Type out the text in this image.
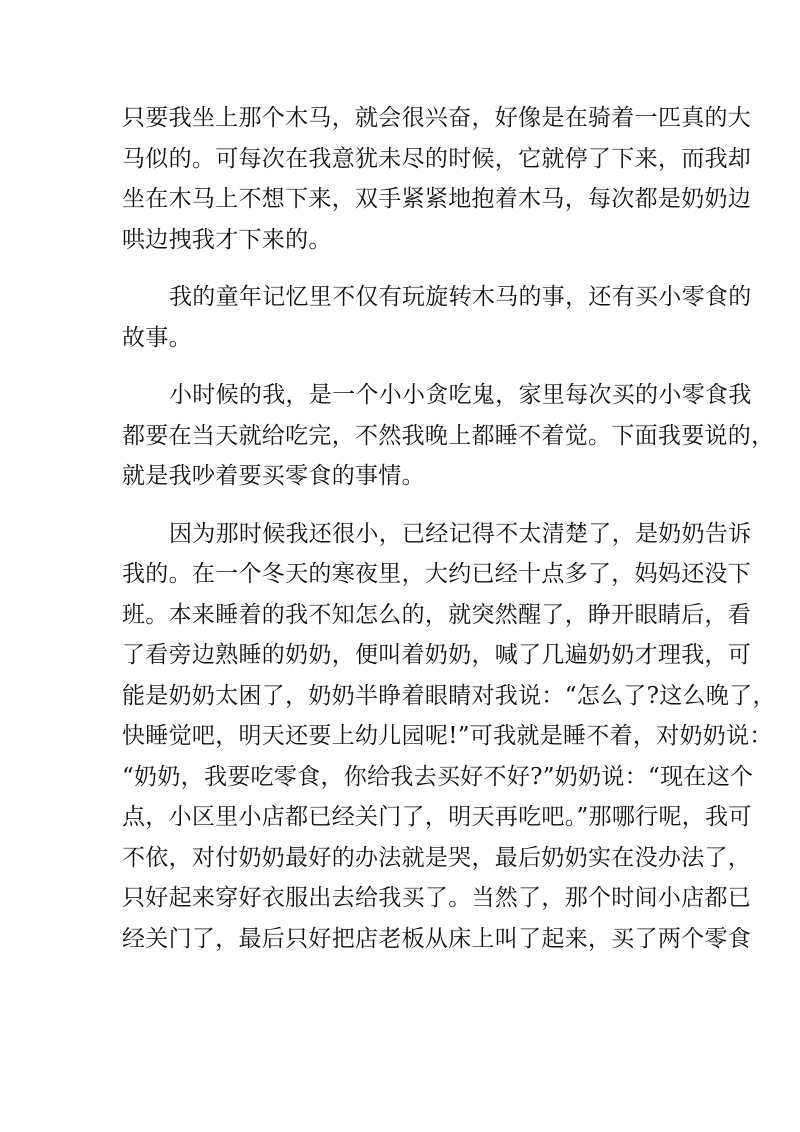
只要我坐上那个木马，就会很兴奋，好像是在骑着一匹真的大
马似的。可每次在我意犹未尽的时候，它就停了下来，而我却
坐在木马上不想下来，双手紧紧地抱着木马，每次都是奶奶边
哄边拽我才下来的。

我的童年记忆里不仅有玩旋转木马的事，还有买小零食的
故事。

小时候的我，是一个小小贪吃鬼，家里每次买的小零食我
都要在当天就给吃完，不然我晚上都睡不着觉。下面我要说的，
就是我吵着要买零食的事情。

因为那时候我还很小，已经记得不太清楚了，是奶奶告诉
我的。在一个冬天的寒夜里，大约已经十点多了，妈妈还没下
班。本来睡着的我不知怎么的，就突然醒了，睁开眼睛后，看
了看旁边熟睡的奶奶，便叫着奶奶，喊了几遍奶奶才理我，可
能是奶奶太困了，奶奶半睁着眼睛对我说：“怎么了?这么晚了，
快睡觉吧，明天还要上幼儿园呢!”可我就是睡不着，对奶奶说：
“奶奶，我要吃零食，你给我去买好不好?”奶奶说：“现在这个
点，小区里小店都已经关门了，明天再吃吧。”那哪行呢，我可
不依，对付奶奶最好的办法就是哭，最后奶奶实在没办法了，
只好起来穿好衣服出去给我买了。当然了，那个时间小店都已
经关门了，最后只好把店老板从床上叫了起来，买了两个零食
